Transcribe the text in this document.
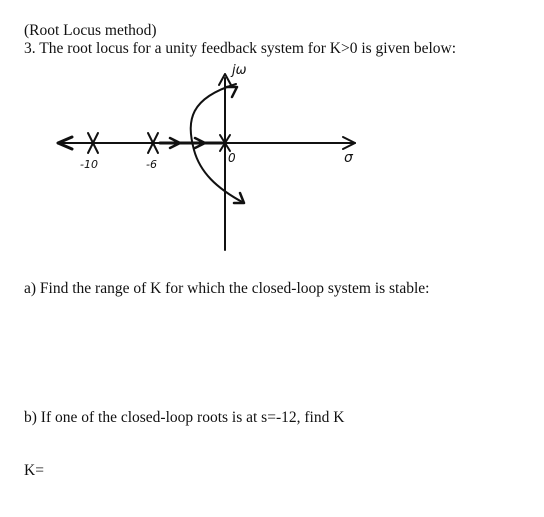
(Root Locus method)
3. The root locus for a unity feedback system for K>0 is given below:
jω
σ
-10	-6	0
a) Find the range of K for which the closed-loop system is stable:
b) If one of the closed-loop roots is at s=-12, find K
K=
